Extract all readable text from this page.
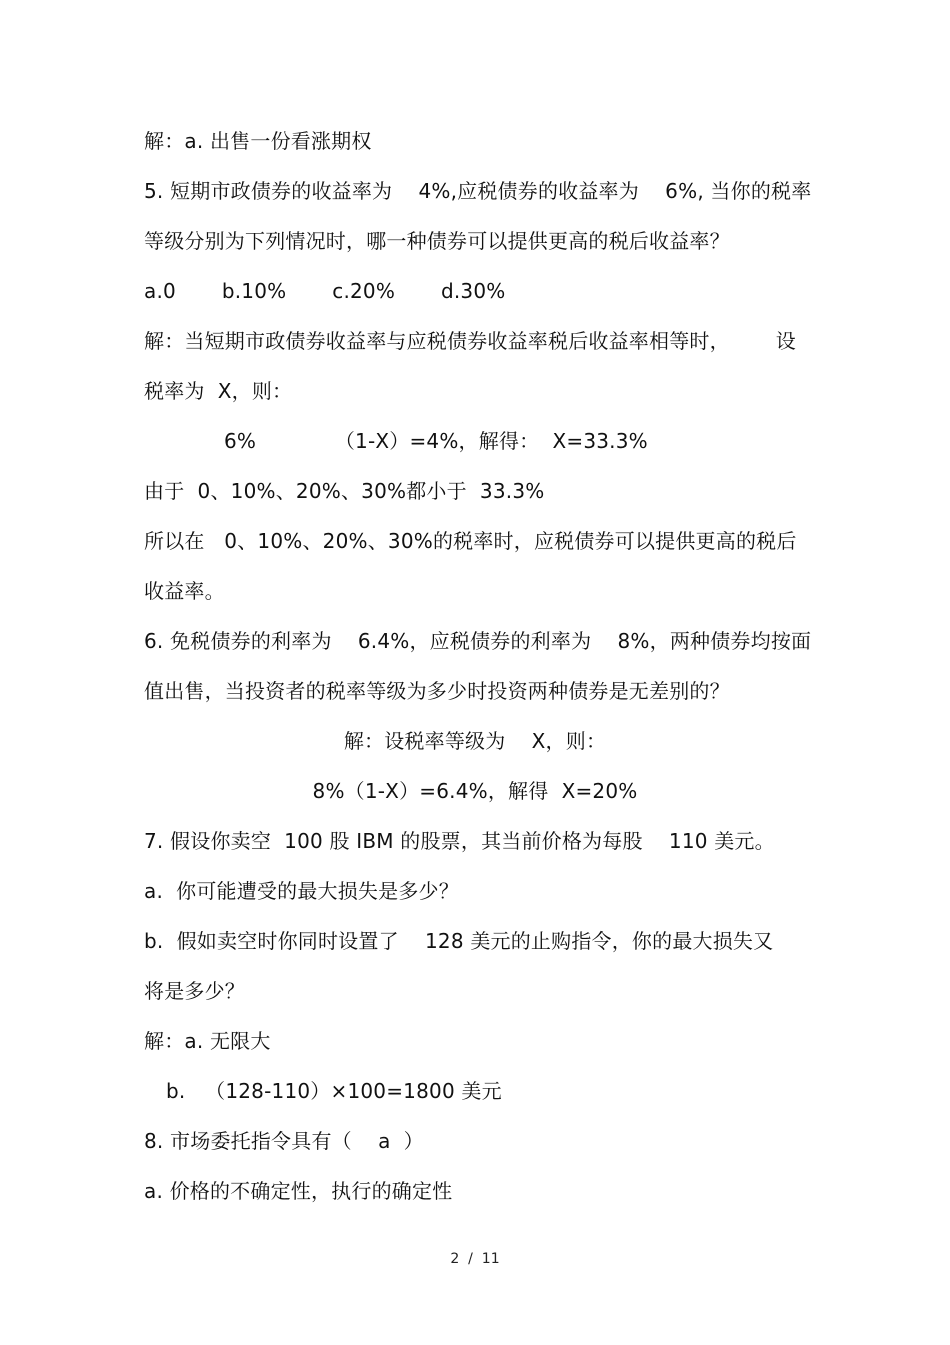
解：a. 出售一份看涨期权
5. 短期市政债券的收益率为    4%,应税债券的收益率为    6%, 当你的税率
等级分别为下列情况时，哪一种债券可以提供更高的税后收益率？
a.0       b.10%       c.20%       d.30%
解：当短期市政债券收益率与应税债券收益率税后收益率相等时，       设
税率为  X，则：
6%            （1-X）=4%，解得：  X=33.3%
由于  0、10%、20%、30%都小于  33.3%
所以在   0、10%、20%、30%的税率时，应税债券可以提供更高的税后
收益率。
6. 免税债券的利率为    6.4%，应税债券的利率为    8%，两种债券均按面
值出售，当投资者的税率等级为多少时投资两种债券是无差别的？
解：设税率等级为    X，则：
8%（1-X）=6.4%，解得  X=20%
7. 假设你卖空  100 股 IBM 的股票，其当前价格为每股    110 美元。
a.  你可能遭受的最大损失是多少？
b.  假如卖空时你同时设置了    128 美元的止购指令，你的最大损失又
将是多少？
解：a. 无限大
b.   （128-110）×100=1800 美元
8. 市场委托指令具有（    a  ）
a. 价格的不确定性，执行的确定性
2  /  11
